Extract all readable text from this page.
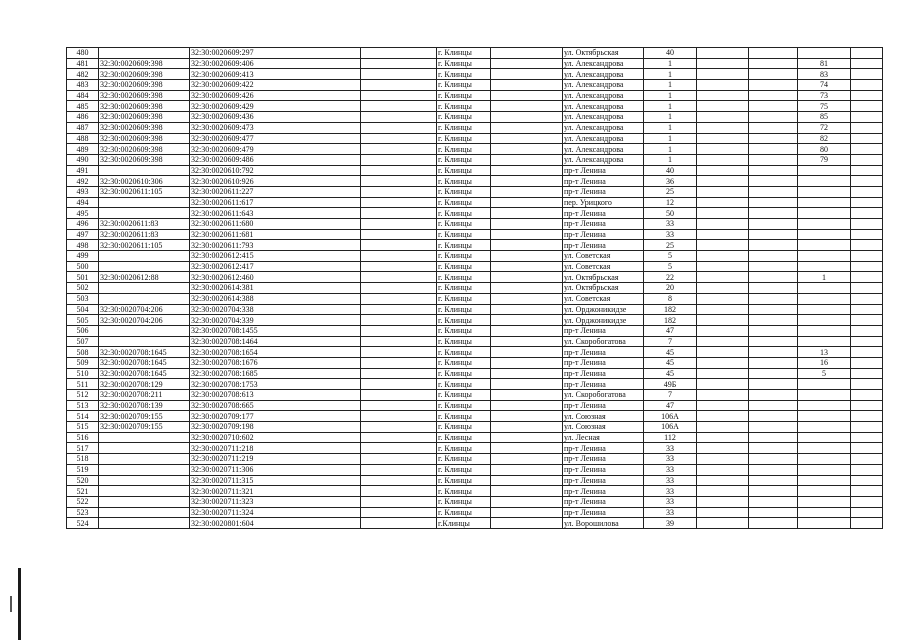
480		32:30:0020609:297		г. Клинцы		ул. Октябрьская	40				
481	32:30:0020609:398	32:30:0020609:406		г. Клинцы		ул. Александрова	1			81	
482	32:30:0020609:398	32:30:0020609:413		г. Клинцы		ул. Александрова	1			83	
483	32:30:0020609:398	32:30:0020609:422		г. Клинцы		ул. Александрова	1			74	
484	32:30:0020609:398	32:30:0020609:426		г. Клинцы		ул. Александрова	1			73	
485	32:30:0020609:398	32:30:0020609:429		г. Клинцы		ул. Александрова	1			75	
486	32:30:0020609:398	32:30:0020609:436		г. Клинцы		ул. Александрова	1			85	
487	32:30:0020609:398	32:30:0020609:473		г. Клинцы		ул. Александрова	1			72	
488	32:30:0020609:398	32:30:0020609:477		г. Клинцы		ул. Александрова	1			82	
489	32:30:0020609:398	32:30:0020609:479		г. Клинцы		ул. Александрова	1			80	
490	32:30:0020609:398	32:30:0020609:486		г. Клинцы		ул. Александрова	1			79	
491		32:30:0020610:792		г. Клинцы		пр-т Ленина	40				
492	32:30:0020610:306	32:30:0020610:926		г. Клинцы		пр-т Ленина	36				
493	32:30:0020611:105	32:30:0020611:227		г. Клинцы		пр-т Ленина	25				
494		32:30:0020611:617		г. Клинцы		пер. Урицкого	12				
495		32:30:0020611:643		г. Клинцы		пр-т Ленина	50				
496	32:30:0020611:83	32:30:0020611:680		г. Клинцы		пр-т Ленина	33				
497	32:30:0020611:83	32:30:0020611:681		г. Клинцы		пр-т Ленина	33				
498	32:30:0020611:105	32:30:0020611:793		г. Клинцы		пр-т Ленина	25				
499		32:30:0020612:415		г. Клинцы		ул. Советская	5				
500		32:30:0020612:417		г. Клинцы		ул. Советская	5				
501	32:30:0020612:88	32:30:0020612:460		г. Клинцы		ул. Октябрьская	22			1	
502		32:30:0020614:381		г. Клинцы		ул. Октябрьская	20				
503		32:30:0020614:388		г. Клинцы		ул. Советская	8				
504	32:30:0020704:206	32:30:0020704:338		г. Клинцы		ул. Орджоникидзе	182				
505	32:30:0020704:206	32:30:0020704:339		г. Клинцы		ул. Орджоникидзе	182				
506		32:30:0020708:1455		г. Клинцы		пр-т Ленина	47				
507		32:30:0020708:1464		г. Клинцы		ул. Скоробогатова	7				
508	32:30:0020708:1645	32:30:0020708:1654		г. Клинцы		пр-т Ленина	45			13	
509	32:30:0020708:1645	32:30:0020708:1676		г. Клинцы		пр-т Ленина	45			16	
510	32:30:0020708:1645	32:30:0020708:1685		г. Клинцы		пр-т Ленина	45			5	
511	32:30:0020708:129	32:30:0020708:1753		г. Клинцы		пр-т Ленина	49Б				
512	32:30:0020708:211	32:30:0020708:613		г. Клинцы		ул. Скоробогатова	7				
513	32:30:0020708:139	32:30:0020708:665		г. Клинцы		пр-т Ленина	47				
514	32:30:0020709:155	32:30:0020709:177		г. Клинцы		ул. Союзная	106А				
515	32:30:0020709:155	32:30:0020709:198		г. Клинцы		ул. Союзная	106А				
516		32:30:0020710:602		г. Клинцы		ул. Лесная	112				
517		32:30:0020711:218		г. Клинцы		пр-т Ленина	33				
518		32:30:0020711:219		г. Клинцы		пр-т Ленина	33				
519		32:30:0020711:306		г. Клинцы		пр-т Ленина	33				
520		32:30:0020711:315		г. Клинцы		пр-т Ленина	33				
521		32:30:0020711:321		г. Клинцы		пр-т Ленина	33				
522		32:30:0020711:323		г. Клинцы		пр-т Ленина	33				
523		32:30:0020711:324		г. Клинцы		пр-т Ленина	33				
524		32:30:0020801:604		г.Клинцы		ул. Ворошилова	39				
